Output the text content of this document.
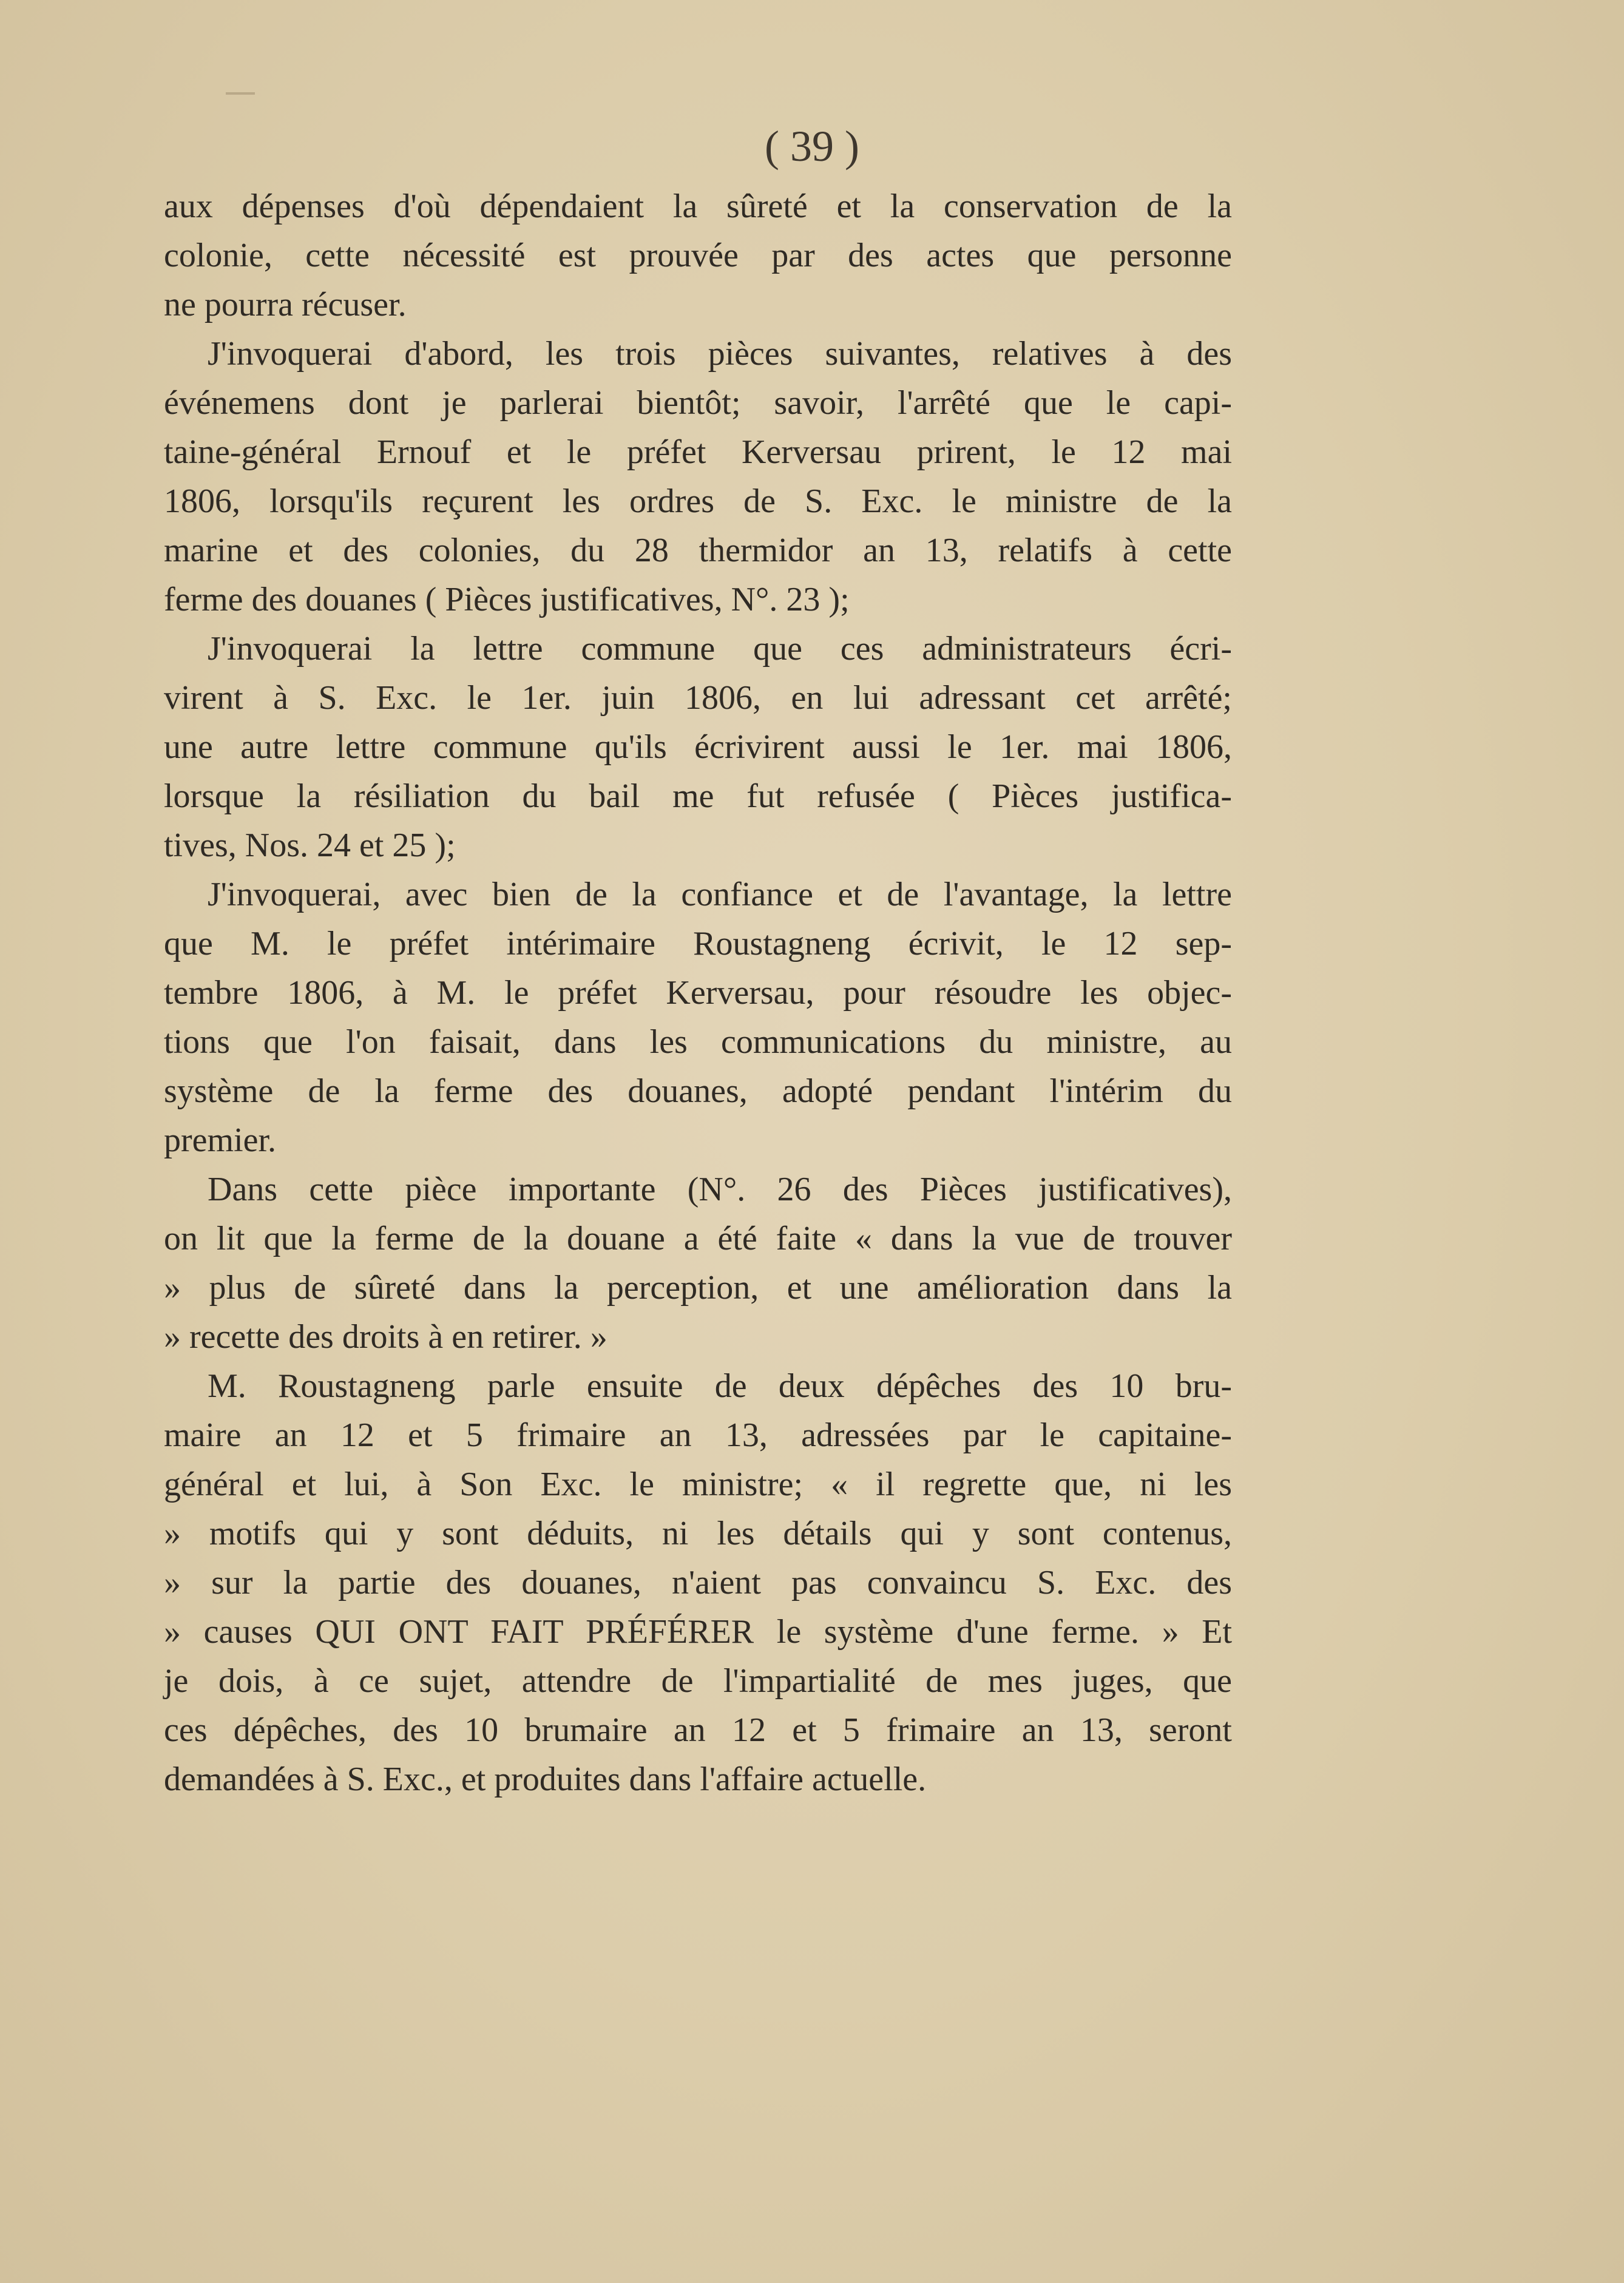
( 39 )

aux dépenses d'où dépendaient la sûreté et la conservation de la

colonie, cette nécessité est prouvée par des actes que personne

ne pourra récuser.

J'invoquerai d'abord, les trois pièces suivantes, relatives à des

événemens dont je parlerai bientôt; savoir, l'arrêté que le capi-

taine-général Ernouf et le préfet Kerversau prirent, le 12 mai

1806, lorsqu'ils reçurent les ordres de S. Exc. le ministre de la

marine et des colonies, du 28 thermidor an 13, relatifs à cette

ferme des douanes ( Pièces justificatives, N°. 23 );

J'invoquerai la lettre commune que ces administrateurs écri-

virent à S. Exc. le 1er. juin 1806, en lui adressant cet arrêté;

une autre lettre commune qu'ils écrivirent aussi le 1er. mai 1806,

lorsque la résiliation du bail me fut refusée ( Pièces justifica-

tives, Nos. 24 et 25 );

J'invoquerai, avec bien de la confiance et de l'avantage, la lettre

que M. le préfet intérimaire Roustagneng écrivit, le 12 sep-

tembre 1806, à M. le préfet Kerversau, pour résoudre les objec-

tions que l'on faisait, dans les communications du ministre, au

système de la ferme des douanes, adopté pendant l'intérim du

premier.

Dans cette pièce importante (N°. 26 des Pièces justificatives),

on lit que la ferme de la douane a été faite « dans la vue de trouver

» plus de sûreté dans la perception, et une amélioration dans la

» recette des droits à en retirer. »

M. Roustagneng parle ensuite de deux dépêches des 10 bru-

maire an 12 et 5 frimaire an 13, adressées par le capitaine-

général et lui, à Son Exc. le ministre; « il regrette que, ni les

» motifs qui y sont déduits, ni les détails qui y sont contenus,

» sur la partie des douanes, n'aient pas convaincu S. Exc. des

» causes QUI ONT FAIT PRÉFÉRER le système d'une ferme. » Et

je dois, à ce sujet, attendre de l'impartialité de mes juges, que

ces dépêches, des 10 brumaire an 12 et 5 frimaire an 13, seront

demandées à S. Exc., et produites dans l'affaire actuelle.
